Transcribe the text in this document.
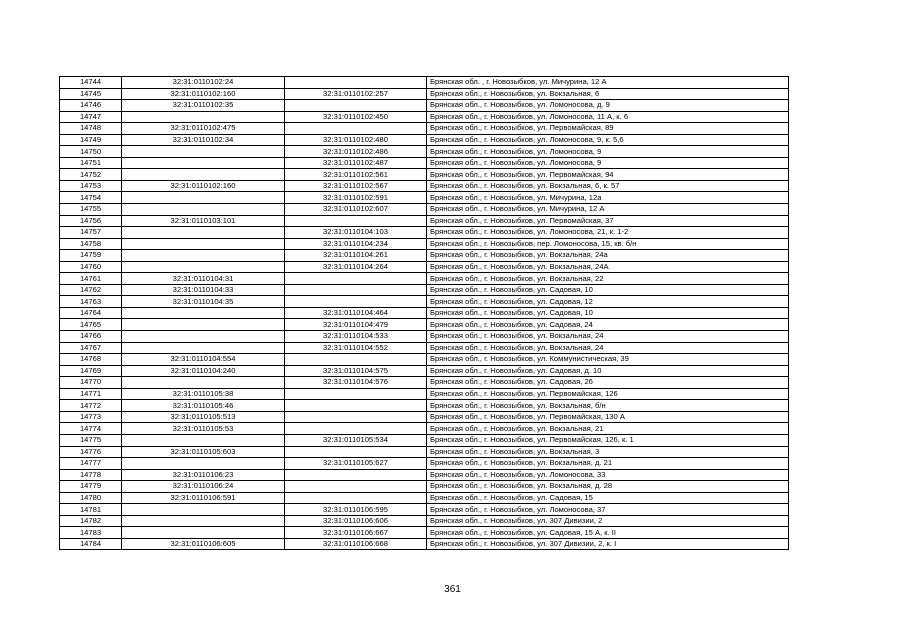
14744	32:31:0110102:24		Брянская обл. , г. Новозыбков, ул. Мичурина, 12 А
14745	32:31:0110102:160	32:31:0110102:257	Брянская обл., г. Новозыбков, ул. Вокзальная, 6
14746	32:31:0110102:35		Брянская обл., г. Новозыбков, ул. Ломоносова, д. 9
14747		32:31:0110102:450	Брянская обл., г. Новозыбков, ул. Ломоносова, 11 А, к. 6
14748	32:31:0110102:475		Брянская обл., г. Новозыбков, ул. Первомайская, 89
14749	32:31:0110102:34	32:31:0110102:480	Брянская обл., г. Новозыбков, ул. Ломоносова, 9, к. 5,6
14750		32:31:0110102:486	Брянская обл., г. Новозыбков, ул. Ломоносова, 9
14751		32:31:0110102:487	Брянская обл., г. Новозыбков, ул. Ломоносова, 9
14752		32:31:0110102:561	Брянская обл., г. Новозыбков, ул. Первомайская, 94
14753	32:31:0110102:160	32:31:0110102:567	Брянская обл., г. Новозыбков, ул. Вокзальная, 6, к. 57
14754		32:31:0110102:591	Брянская обл., г. Новозыбков, ул. Мичурина, 12а
14755		32:31:0110102:607	Брянская обл., г. Новозыбков, ул. Мичурина, 12 А
14756	32:31:0110103:101		Брянская обл., г. Новозыбков, ул. Первомайская, 37
14757		32:31:0110104:103	Брянская обл., г. Новозыбков, ул. Ломоносова, 21, к. 1-2
14758		32:31:0110104:234	Брянская обл., г. Новозыбков, пер. Ломоносова, 15, кв. б/н
14759		32:31:0110104:261	Брянская обл., г. Новозыбков, ул. Вокзальная, 24а
14760		32:31:0110104:264	Брянская обл., г. Новозыбков, ул. Вокзальная, 24А
14761	32:31:0110104:31		Брянская обл., г. Новозыбков, ул. Вокзальная, 22
14762	32:31:0110104:33		Брянская обл., г. Новозыбков, ул. Садовая, 10
14763	32:31:0110104:35		Брянская обл., г. Новозыбков, ул. Садовая, 12
14764		32:31:0110104:464	Брянская обл., г. Новозыбков, ул. Садовая, 10
14765		32:31:0110104:479	Брянская обл., г. Новозыбков, ул. Садовая, 24
14766		32:31:0110104:533	Брянская обл., г. Новозыбков, ул. Вокзальная, 24
14767		32:31:0110104:552	Брянская обл., г. Новозыбков, ул. Вокзальная, 24
14768	32:31:0110104:554		Брянская обл., г. Новозыбков, ул. Коммунистическая, 39
14769	32:31:0110104:240	32:31:0110104:575	Брянская обл., г. Новозыбков, ул. Садовая, д. 10
14770		32:31:0110104:576	Брянская обл., г. Новозыбков, ул. Садовая, 26
14771	32:31:0110105:38		Брянская обл., г. Новозыбков, ул. Первомайская, 126
14772	32:31:0110105:46		Брянская обл., г. Новозыбков, ул. Вокзальная, б/н
14773	32:31:0110105:513		Брянская обл., г. Новозыбков, ул. Первомайская, 130 А
14774	32:31:0110105:53		Брянская обл., г. Новозыбков, ул. Вокзальная, 21
14775		32:31:0110105:534	Брянская обл., г. Новозыбков, ул. Первомайская, 126, к. 1
14776	32:31:0110105:603		Брянская обл., г. Новозыбков, ул. Вокзальная, 3
14777		32:31:0110105:627	Брянская обл., г. Новозыбков, ул. Вокзальная, д. 21
14778	32:31:0110106:23		Брянская обл., г. Новозыбков, ул. Ломоносова, 33
14779	32:31:0110106:24		Брянская обл., г. Новозыбков, ул. Вокзальная, д. 28
14780	32:31:0110106:591		Брянская обл., г. Новозыбков, ул. Садовая, 15
14781		32:31:0110106:595	Брянская обл., г. Новозыбков, ул. Ломоносова, 37
14782		32:31:0110106:606	Брянская обл., г. Новозыбков, ул. 307 Дивизии, 2
14783		32:31:0110106:667	Брянская обл., г. Новозыбков, ул. Садовая, 15 А, к. II
14784	32:31:0110106:605	32:31:0110106:668	Брянская обл., г. Новозыбков, ул. 307 Дивизии, 2, к. I
361
